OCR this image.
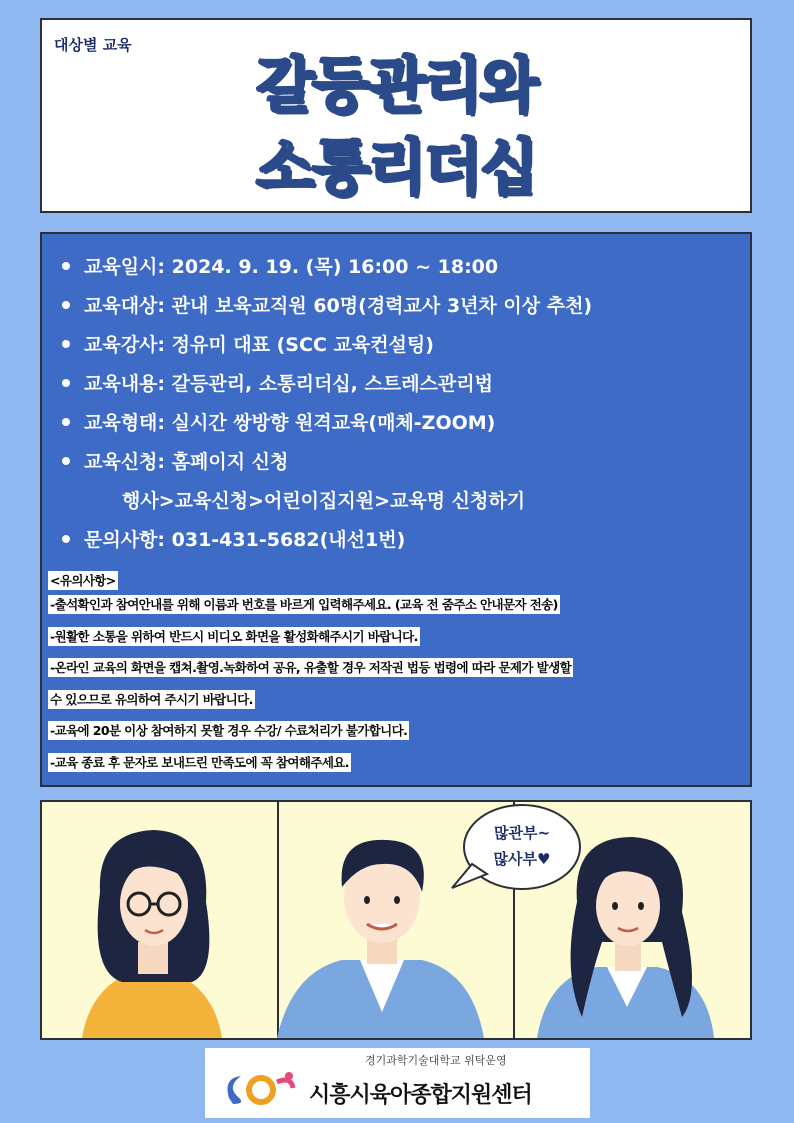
대상별 교육
갈등관리와
소통리더십
교육일시: 2024. 9. 19. (목) 16:00 ~ 18:00
교육대상: 관내 보육교직원 60명(경력교사 3년차 이상 추천)
교육강사: 정유미 대표 (SCC 교육컨설팅)
교육내용: 갈등관리, 소통리더십, 스트레스관리법
교육형태: 실시간 쌍방향 원격교육(매체-ZOOM)
교육신청: 홈페이지 신청
행사>교육신청>어린이집지원>교육명 신청하기
문의사항: 031-431-5682(내선1번)
<유의사항>
-출석확인과 참여안내를 위해 이름과 번호를 바르게 입력해주세요. (교육 전 줌주소 안내문자 전송)
-원활한 소통을 위하여 반드시 비디오 화면을 활성화해주시기 바랍니다.
-온라인 교육의 화면을 캡쳐.촬영.녹화하여 공유, 유출할 경우 저작권 법등 법령에 따라 문제가 발생할
수 있으므로 유의하여 주시기 바랍니다.
-교육에 20분 이상 참여하지 못할 경우 수강/ 수료처리가 불가합니다.
-교육 종료 후 문자로 보내드린 만족도에 꼭 참여해주세요.
많관부~
많사부♥
경기과학기술대학교 위탁운영
시흥시육아종합지원센터
